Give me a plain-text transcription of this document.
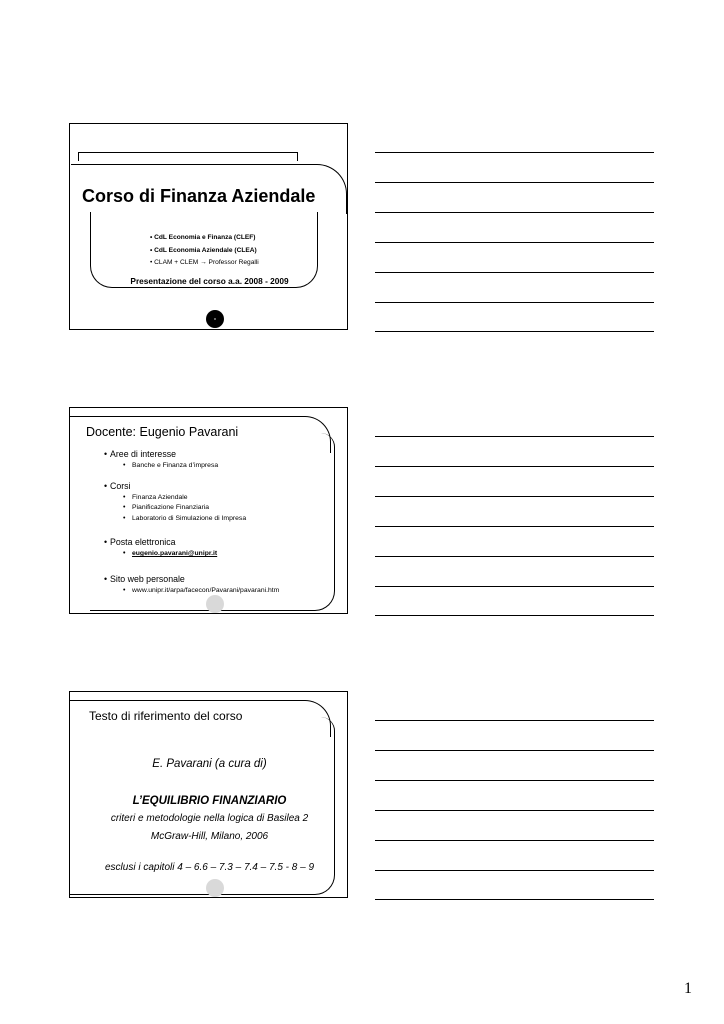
Corso di Finanza Aziendale
• CdL Economia e Finanza (CLEF)
• CdL Economia Aziendale (CLEA)
• CLAM + CLEM → Professor Regalli
Presentazione del corso a.a. 2008 - 2009
Docente: Eugenio Pavarani
• Aree di interesse
• Banche e Finanza d’impresa
• Corsi
• Finanza Aziendale
• Pianificazione Finanziaria
• Laboratorio di Simulazione di Impresa
• Posta elettronica
• eugenio.pavarani@unipr.it
• Sito web personale
• www.unipr.it/arpa/facecon/Pavarani/pavarani.htm
Testo di riferimento del corso
E. Pavarani (a cura di)
L’EQUILIBRIO FINANZIARIO
criteri e metodologie nella logica di Basilea 2
McGraw-Hill, Milano, 2006
esclusi i capitoli 4 – 6.6 – 7.3 – 7.4 – 7.5 - 8 – 9
1
